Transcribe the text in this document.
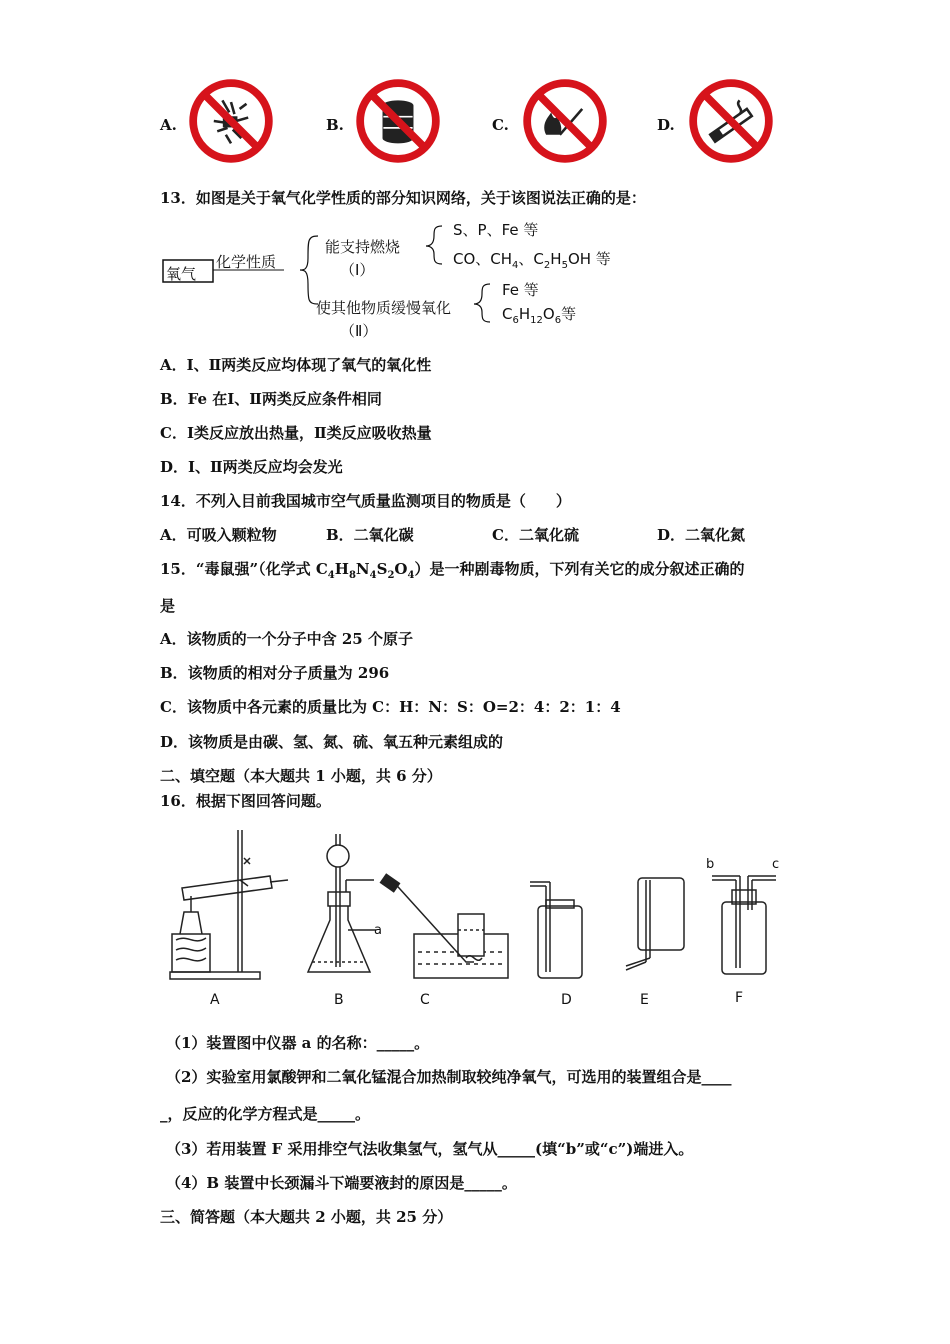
A.	B.	C.	D.
13．如图是关于氧气化学性质的部分知识网络，关于该图说法正确的是：
氧气
化学性质
能支持燃烧
（Ⅰ）
S、P、Fe 等
CO、$CH_4$、$C_2H_5OH$ 等
使其他物质缓慢氧化
（Ⅱ）
Fe 等
$C_6H_{12}O_6$等
A．Ⅰ、Ⅱ两类反应均体现了氧气的氧化性
B．Fe 在Ⅰ、Ⅱ两类反应条件相同
C．Ⅰ类反应放出热量，Ⅱ类反应吸收热量
D．Ⅰ、Ⅱ两类反应均会发光
14．不列入目前我国城市空气质量监测项目的物质是（　　）
A．可吸入颗粒物	B．二氧化碳	C．二氧化硫	D．二氧化氮
15．“毒鼠强”（化学式 $C_4H_8N_4S_2O_4$）是一种剧毒物质，下列有关它的成分叙述正确的
是
A．该物质的一个分子中含 25 个原子
B．该物质的相对分子质量为 296
C．该物质中各元素的质量比为 C：H：N：S：O=2：4：2：1：4
D．该物质是由碳、氢、氮、硫、氧五种元素组成的
二、填空题（本大题共 1 小题，共 6 分）
16．根据下图回答问题。
a
b	c
A	B	C	D	E	F
（1）装置图中仪器 a 的名称：_____。
（2）实验室用氯酸钾和二氧化锰混合加热制取较纯净氧气，可选用的装置组合是____
_，反应的化学方程式是_____。
（3）若用装置 F 采用排空气法收集氢气，氢气从_____(填“b”或“c”)端进入。
（4）B 装置中长颈漏斗下端要液封的原因是_____。
三、简答题（本大题共 2 小题，共 25 分）
